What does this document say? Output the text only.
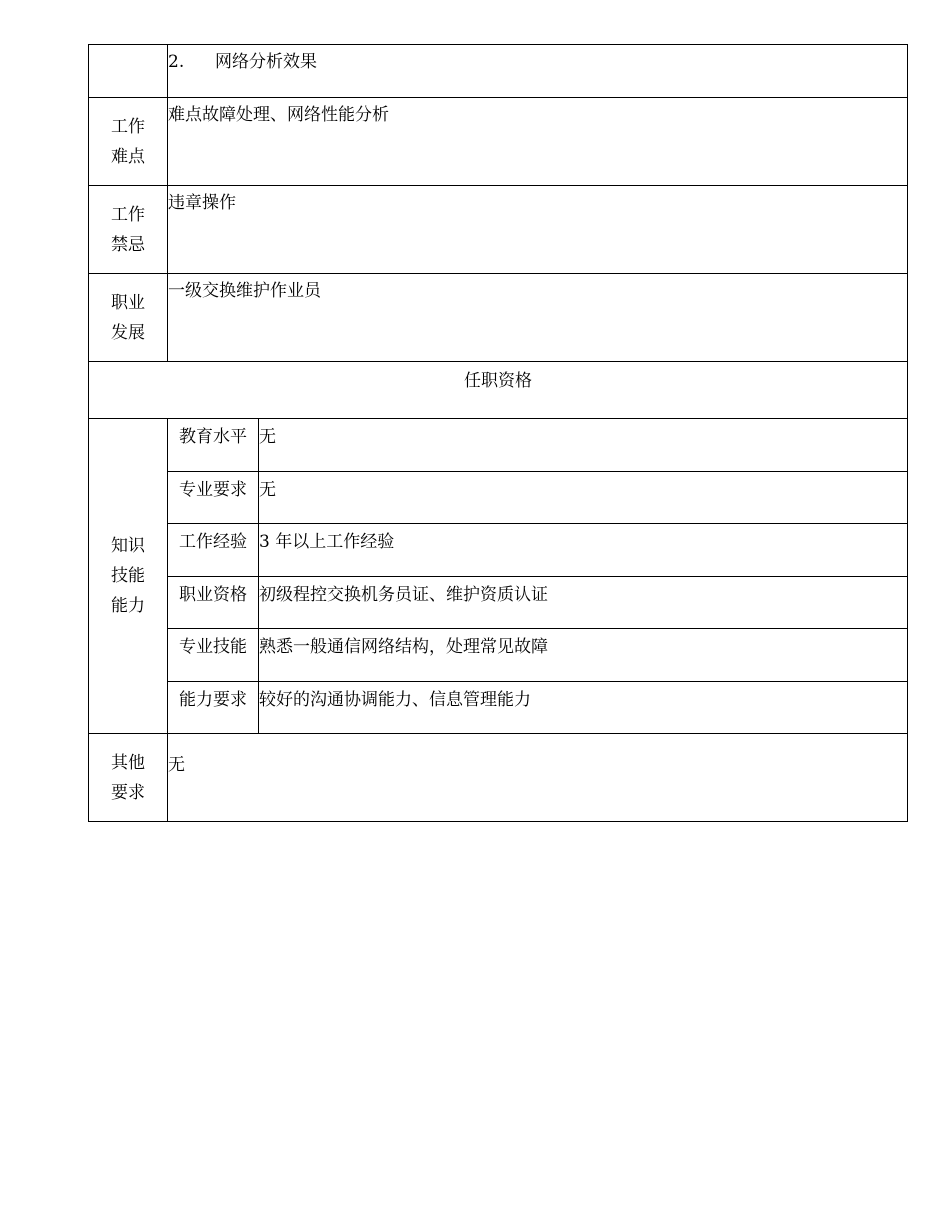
	2. 网络分析效果	
工作难点	难点故障处理、网络性能分析	
工作禁忌	违章操作	
职业发展	一级交换维护作业员	
任职资格		
知识技能能力	教育水平	无
	专业要求	无
	工作经验	3 年以上工作经验
	职业资格	初级程控交换机务员证、维护资质认证
	专业技能	熟悉一般通信网络结构，处理常见故障
	能力要求	较好的沟通协调能力、信息管理能力
其他要求	无	
